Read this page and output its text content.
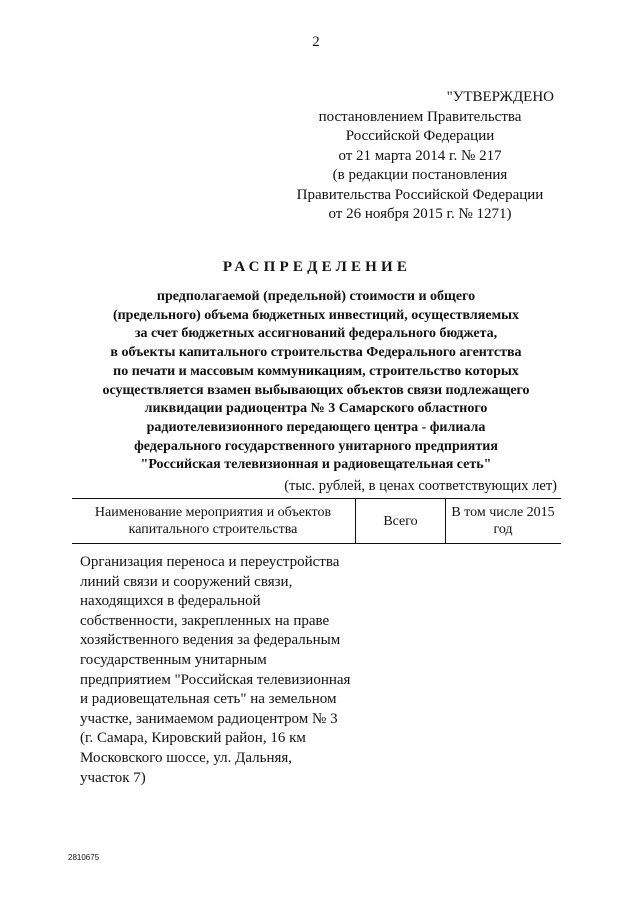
2
"УТВЕРЖДЕНО
постановлением Правительства
Российской Федерации
от 21 марта 2014 г. № 217
(в редакции постановления
Правительства Российской Федерации
от 26 ноября 2015 г. № 1271)
РАСПРЕДЕЛЕНИЕ
предполагаемой (предельной) стоимости и общего
(предельного) объема бюджетных инвестиций, осуществляемых
за счет бюджетных ассигнований федерального бюджета,
в объекты капитального строительства Федерального агентства
по печати и массовым коммуникациям, строительство которых
осуществляется взамен выбывающих объектов связи подлежащего
ликвидации радиоцентра № 3 Самарского областного
радиотелевизионного передающего центра - филиала
федерального государственного унитарного предприятия
"Российская телевизионная и радиовещательная сеть"
(тыс. рублей, в ценах соответствующих лет)
Наименование мероприятия и объектов капитального строительства
Всего
В том числе 2015 год
Организация переноса и переустройства
линий связи и сооружений связи,
находящихся в федеральной
собственности, закрепленных на праве
хозяйственного ведения за федеральным
государственным унитарным
предприятием "Российская телевизионная
и радиовещательная сеть" на земельном
участке, занимаемом радиоцентром № 3
(г. Самара, Кировский район, 16 км
Московского шоссе, ул. Дальняя,
участок 7)
2810675
